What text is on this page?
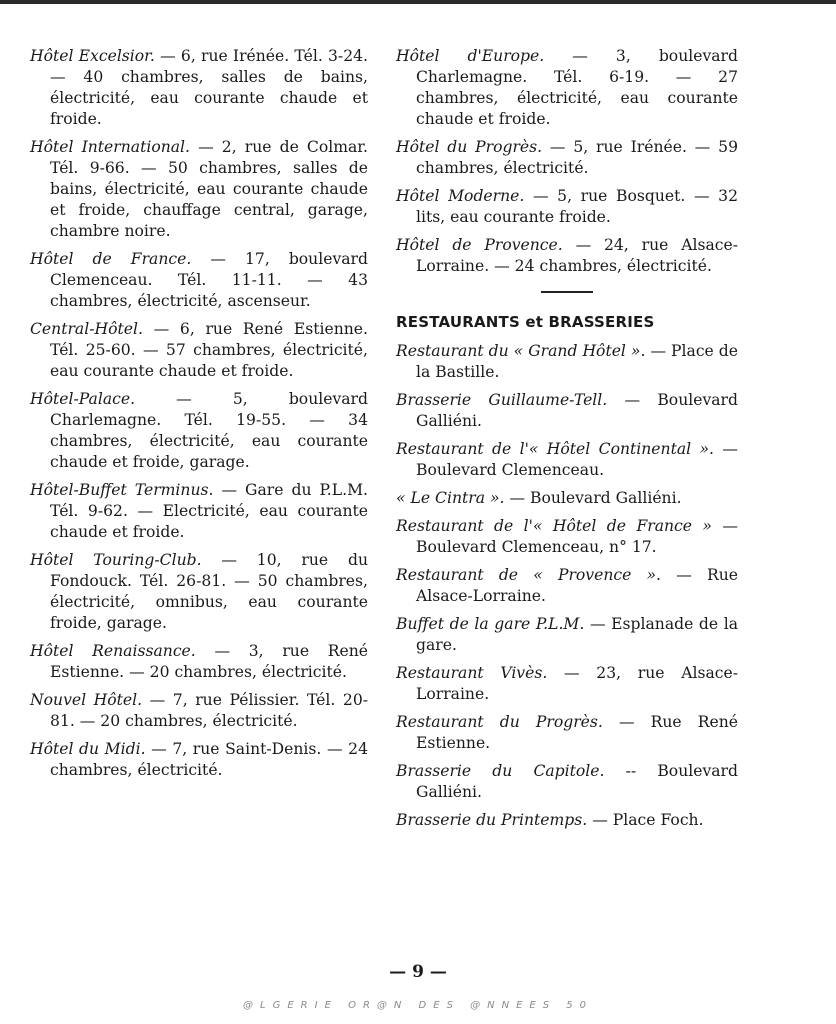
Hôtel Excelsior. — 6, rue Irénée. Tél. 3-24. — 40 chambres, salles de bains, électricité, eau courante chaude et froide.
Hôtel International. — 2, rue de Colmar. Tél. 9-66. — 50 chambres, salles de bains, électricité, eau courante chaude et froide, chauffage central, garage, chambre noire.
Hôtel de France. — 17, boulevard Clemenceau. Tél. 11-11. — 43 chambres, électricité, ascenseur.
Central-Hôtel. — 6, rue René Estienne. Tél. 25-60. — 57 chambres, électricité, eau courante chaude et froide.
Hôtel-Palace. — 5, boulevard Charlemagne. Tél. 19-55. — 34 chambres, électricité, eau courante chaude et froide, garage.
Hôtel-Buffet Terminus. — Gare du P.L.M. Tél. 9-62. — Electricité, eau courante chaude et froide.
Hôtel Touring-Club. — 10, rue du Fondouck. Tél. 26-81. — 50 chambres, électricité, omnibus, eau courante froide, garage.
Hôtel Renaissance. — 3, rue René Estienne. — 20 chambres, électricité.
Nouvel Hôtel. — 7, rue Pélissier. Tél. 20-81. — 20 chambres, électricité.
Hôtel du Midi. — 7, rue Saint-Denis. — 24 chambres, électricité.
Hôtel d'Europe. — 3, boulevard Charlemagne. Tél. 6-19. — 27 chambres, électricité, eau courante chaude et froide.
Hôtel du Progrès. — 5, rue Irénée. — 59 chambres, électricité.
Hôtel Moderne. — 5, rue Bosquet. — 32 lits, eau courante froide.
Hôtel de Provence. — 24, rue Alsace-Lorraine. — 24 chambres, électricité.
RESTAURANTS et BRASSERIES
Restaurant du « Grand Hôtel ». — Place de la Bastille.
Brasserie Guillaume-Tell. — Boulevard Galliéni.
Restaurant de l'« Hôtel Continental ». — Boulevard Clemenceau.
« Le Cintra ». — Boulevard Galliéni.
Restaurant de l'« Hôtel de France » — Boulevard Clemenceau, n° 17.
Restaurant de « Provence ». — Rue Alsace-Lorraine.
Buffet de la gare P.L.M. — Esplanade de la gare.
Restaurant Vivès. — 23, rue Alsace-Lorraine.
Restaurant du Progrès. — Rue René Estienne.
Brasserie du Capitole. -- Boulevard Galliéni.
Brasserie du Printemps. — Place Foch.
— 9 —
@LGERIE OR@N DES @NNEES 50
